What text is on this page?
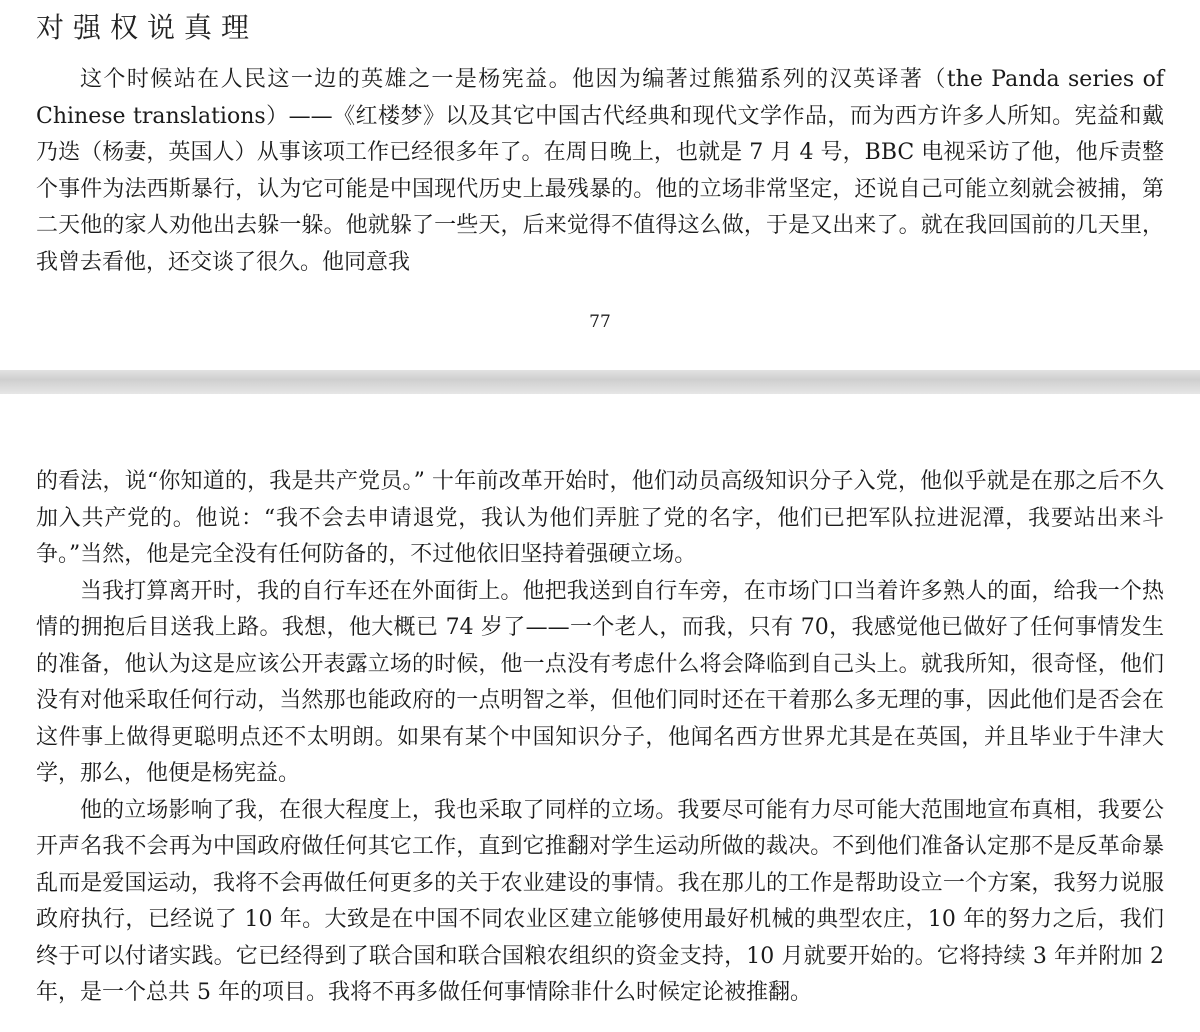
对强权说真理

这个时候站在人民这一边的英雄之一是杨宪益。他因为编著过熊猫系列的汉英译著（the Panda series of Chinese translations）——《红楼梦》以及其它中国古代经典和现代文学作品，而为西方许多人所知。宪益和戴乃迭（杨妻，英国人）从事该项工作已经很多年了。在周日晚上，也就是 7 月 4 号，BBC 电视采访了他，他斥责整个事件为法西斯暴行，认为它可能是中国现代历史上最残暴的。他的立场非常坚定，还说自己可能立刻就会被捕，第二天他的家人劝他出去躲一躲。他就躲了一些天，后来觉得不值得这么做，于是又出来了。就在我回国前的几天里，我曾去看他，还交谈了很久。他同意我

77

的看法，说“你知道的，我是共产党员。” 十年前改革开始时，他们动员高级知识分子入党，他似乎就是在那之后不久加入共产党的。他说：“我不会去申请退党，我认为他们弄脏了党的名字，他们已把军队拉进泥潭，我要站出来斗争。”当然，他是完全没有任何防备的，不过他依旧坚持着强硬立场。

当我打算离开时，我的自行车还在外面街上。他把我送到自行车旁，在市场门口当着许多熟人的面，给我一个热情的拥抱后目送我上路。我想，他大概已 74 岁了——一个老人，而我，只有 70，我感觉他已做好了任何事情发生的准备，他认为这是应该公开表露立场的时候，他一点没有考虑什么将会降临到自己头上。就我所知，很奇怪，他们没有对他采取任何行动，当然那也能政府的一点明智之举，但他们同时还在干着那么多无理的事，因此他们是否会在这件事上做得更聪明点还不太明朗。如果有某个中国知识分子，他闻名西方世界尤其是在英国，并且毕业于牛津大学，那么，他便是杨宪益。

他的立场影响了我，在很大程度上，我也采取了同样的立场。我要尽可能有力尽可能大范围地宣布真相，我要公开声名我不会再为中国政府做任何其它工作，直到它推翻对学生运动所做的裁决。不到他们准备认定那不是反革命暴乱而是爱国运动，我将不会再做任何更多的关于农业建设的事情。我在那儿的工作是帮助设立一个方案，我努力说服政府执行，已经说了 10 年。大致是在中国不同农业区建立能够使用最好机械的典型农庄，10 年的努力之后，我们终于可以付诸实践。它已经得到了联合国和联合国粮农组织的资金支持，10 月就要开始的。它将持续 3 年并附加 2 年，是一个总共 5 年的项目。我将不再多做任何事情除非什么时候定论被推翻。
